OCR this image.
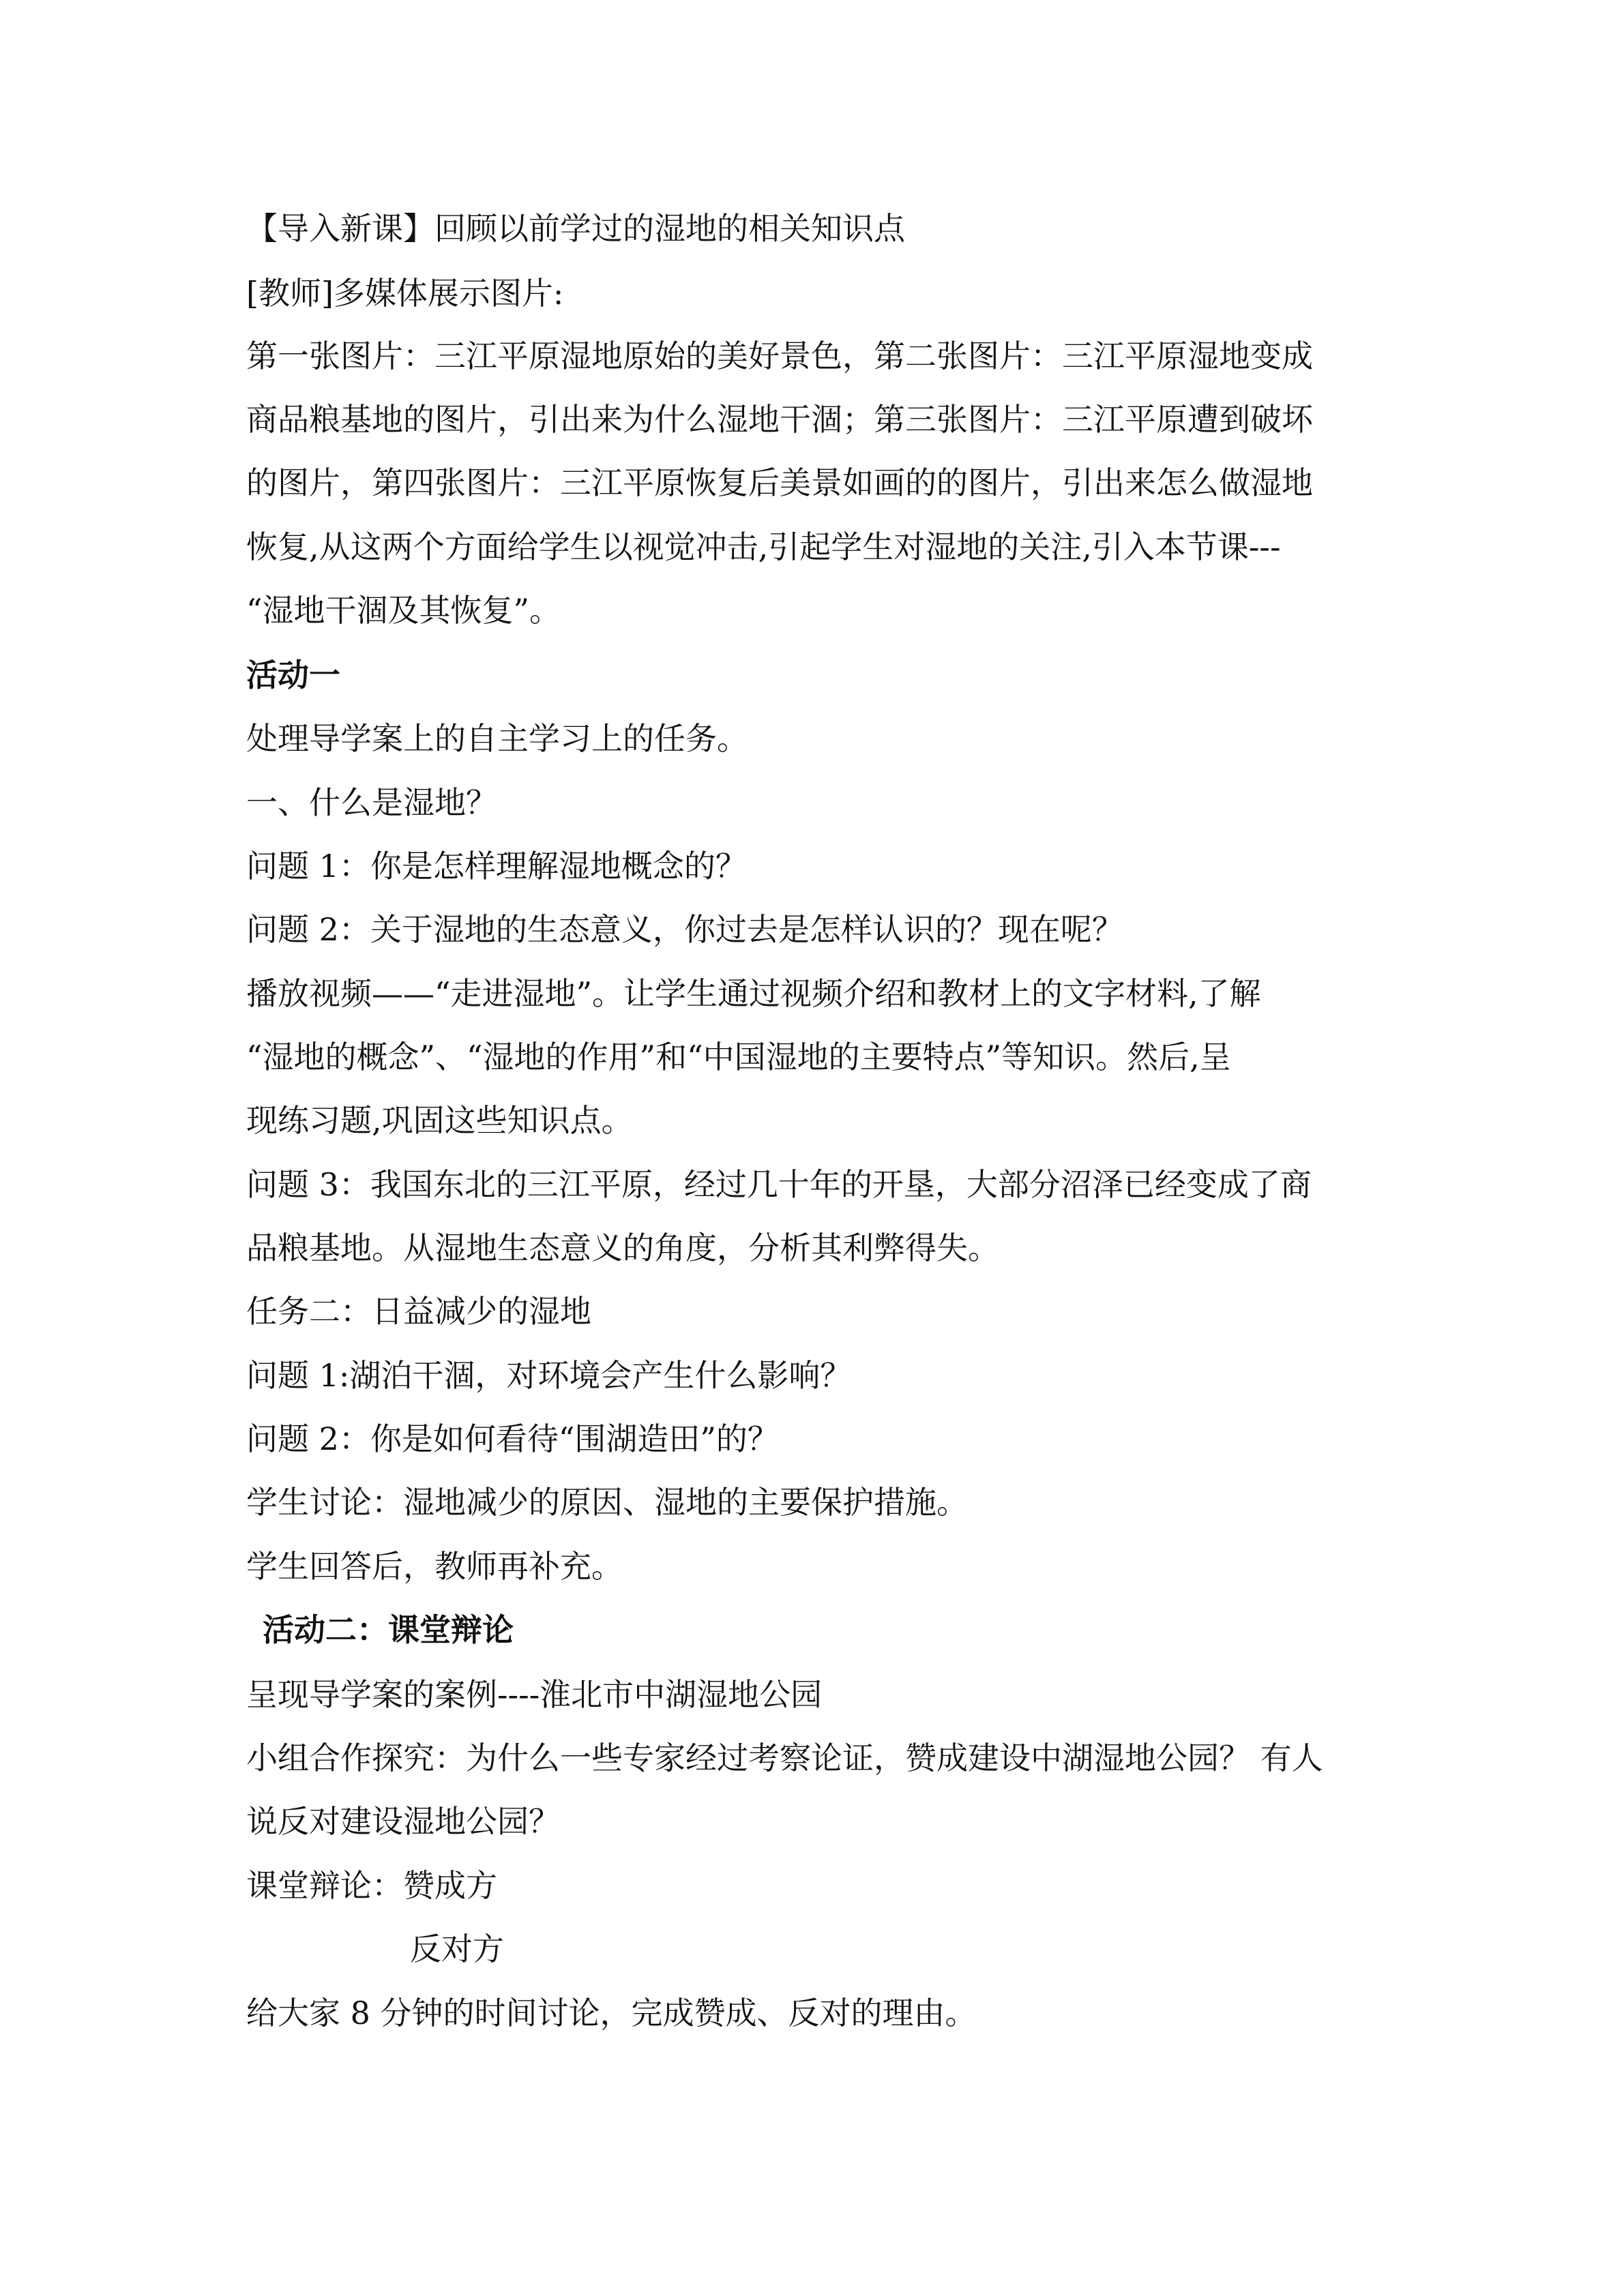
【导入新课】回顾以前学过的湿地的相关知识点
[教师]多媒体展示图片:
第一张图片：三江平原湿地原始的美好景色，第二张图片：三江平原湿地变成
商品粮基地的图片，引出来为什么湿地干涸；第三张图片：三江平原遭到破坏
的图片，第四张图片：三江平原恢复后美景如画的的图片，引出来怎么做湿地
恢复,从这两个方面给学生以视觉冲击,引起学生对湿地的关注,引入本节课---
“湿地干涸及其恢复”。
活动一
处理导学案上的自主学习上的任务。
一、什么是湿地？
问题 1：你是怎样理解湿地概念的？
问题 2：关于湿地的生态意义，你过去是怎样认识的？现在呢？
播放视频——“走进湿地”。让学生通过视频介绍和教材上的文字材料,了解
“湿地的概念”、“湿地的作用”和“中国湿地的主要特点”等知识。然后,呈
现练习题,巩固这些知识点。
问题 3：我国东北的三江平原，经过几十年的开垦，大部分沼泽已经变成了商
品粮基地。从湿地生态意义的角度，分析其利弊得失。
任务二：日益减少的湿地
问题 1:湖泊干涸，对环境会产生什么影响？
问题 2：你是如何看待“围湖造田”的？
学生讨论：湿地减少的原因、湿地的主要保护措施。
学生回答后，教师再补充。
活动二：课堂辩论
呈现导学案的案例----淮北市中湖湿地公园
小组合作探究：为什么一些专家经过考察论证，赞成建设中湖湿地公园？ 有人
说反对建设湿地公园？
课堂辩论：赞成方
反对方
给大家 8 分钟的时间讨论，完成赞成、反对的理由。
